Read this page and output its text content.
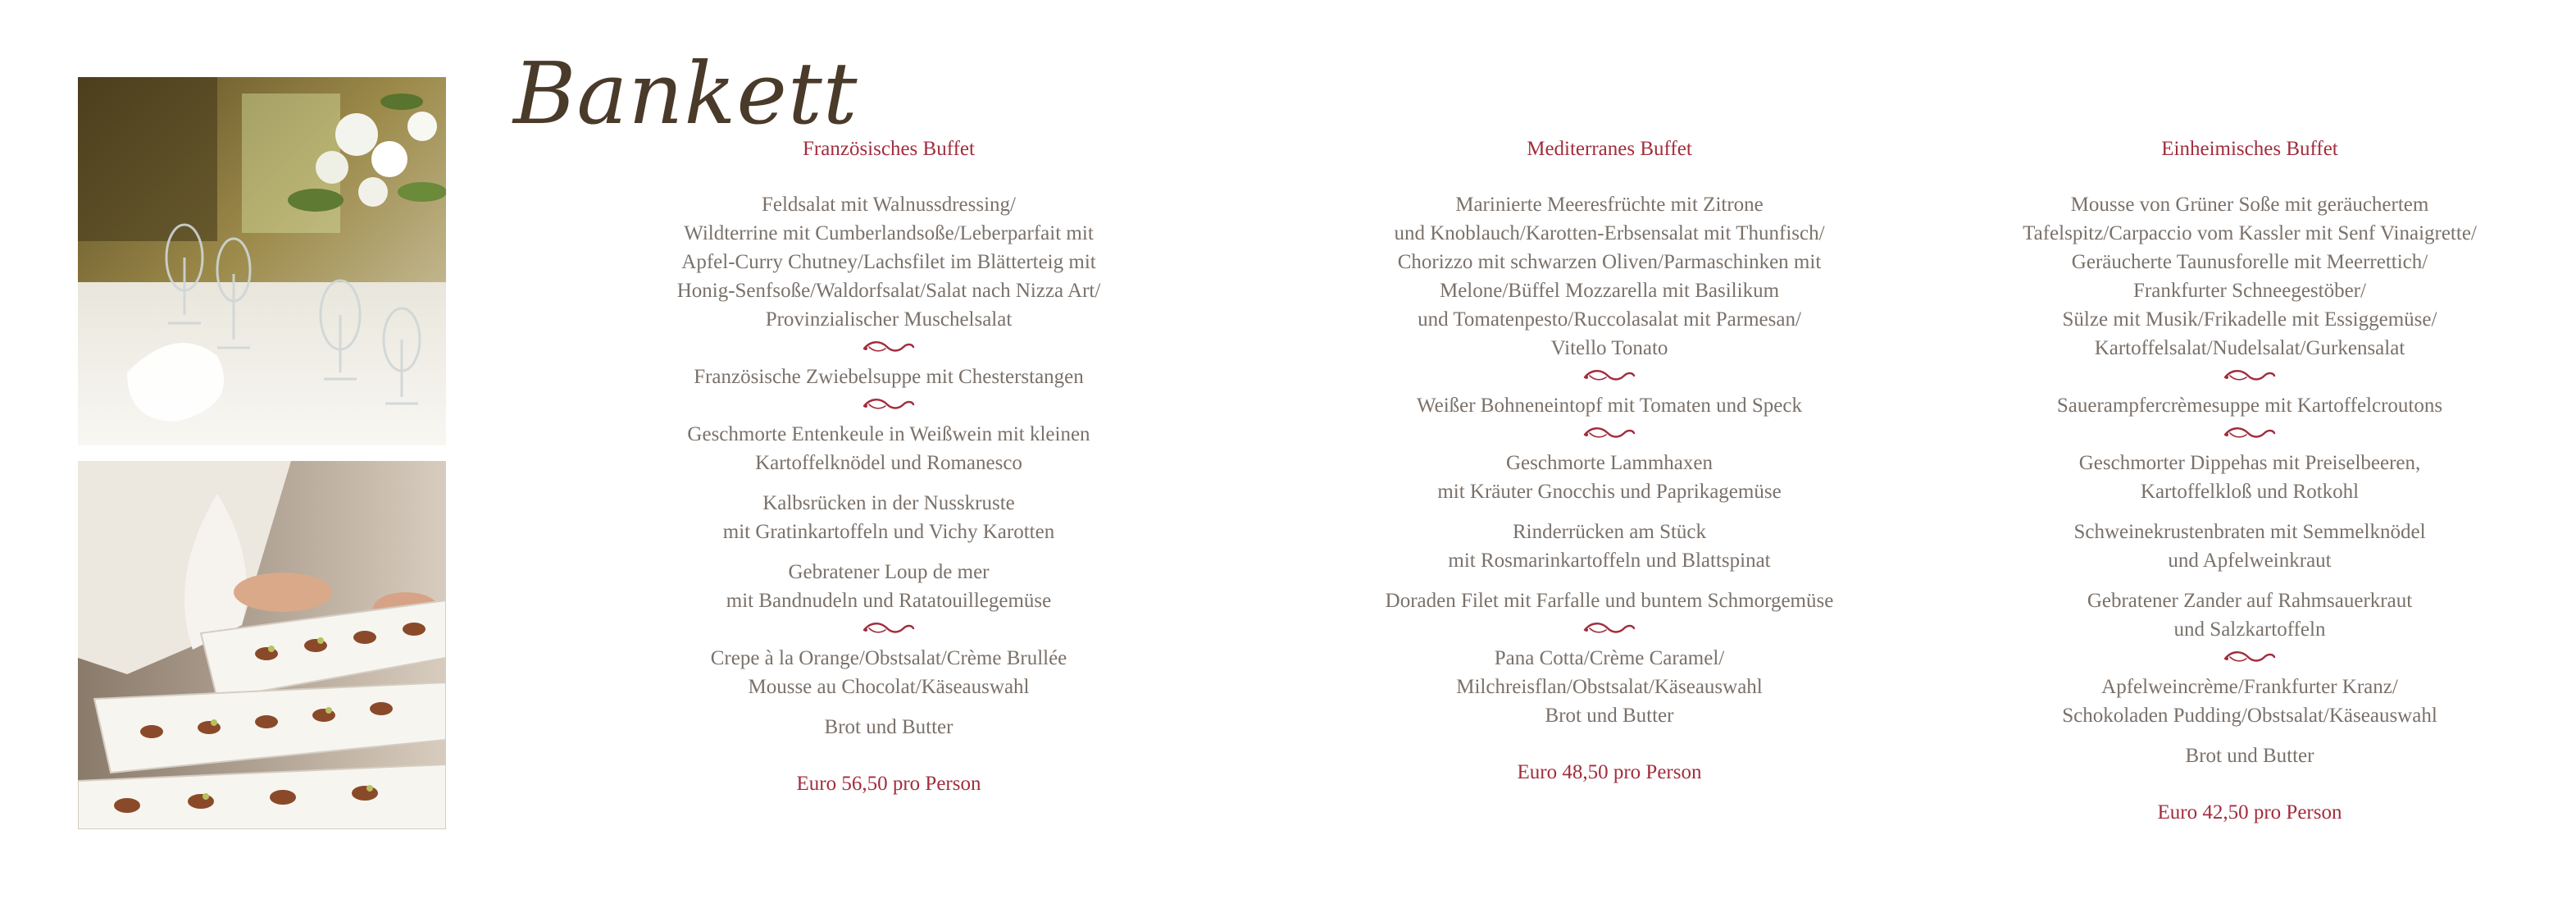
Bankett
Französisches Buffet

Feldsalat mit Walnussdressing/
Wildterrine mit Cumberlandsoße/Leberparfait mit
Apfel-Curry Chutney/Lachsfilet im Blätterteig mit
Honig-Senfsoße/Waldorfsalat/Salat nach Nizza Art/
Provinzialischer Muschelsalat

Französische Zwiebelsuppe mit Chesterstangen

Geschmorte Entenkeule in Weißwein mit kleinen
Kartoffelknödel und Romanesco

Kalbsrücken in der Nusskruste
mit Gratinkartoffeln und Vichy Karotten

Gebratener Loup de mer
mit Bandnudeln und Ratatouillegemüse

Crepe à la Orange/Obstsalat/Crème Brullée
Mousse au Chocolat/Käseauswahl

Brot und Butter

Euro 56,50 pro Person
Mediterranes Buffet

Marinierte Meeresfrüchte mit Zitrone
und Knoblauch/Karotten-Erbsensalat mit Thunfisch/
Chorizzo mit schwarzen Oliven/Parmaschinken mit
Melone/Büffel Mozzarella mit Basilikum
und Tomatenpesto/Ruccolasalat mit Parmesan/
Vitello Tonato

Weißer Bohneneintopf mit Tomaten und Speck

Geschmorte Lammhaxen
mit Kräuter Gnocchis und Paprikagemüse

Rinderrücken am Stück
mit Rosmarinkartoffeln und Blattspinat

Doraden Filet mit Farfalle und buntem Schmorgemüse

Pana Cotta/Crème Caramel/
Milchreisflan/Obstsalat/Käseauswahl
Brot und Butter

Euro 48,50 pro Person
Einheimisches Buffet

Mousse von Grüner Soße mit geräuchertem
Tafelspitz/Carpaccio vom Kassler mit Senf Vinaigrette/
Geräucherte Taunusforelle mit Meerrettich/
Frankfurter Schneegestöber/
Sülze mit Musik/Frikadelle mit Essiggemüse/
Kartoffelsalat/Nudelsalat/Gurkensalat

Sauerampfercrèmesuppe mit Kartoffelcroutons

Geschmorter Dippehas mit Preiselbeeren,
Kartoffelkloß und Rotkohl

Schweinekrustenbraten mit Semmelknödel
und Apfelweinkraut

Gebratener Zander auf Rahmsauerkraut
und Salzkartoffeln

Apfelweincrème/Frankfurter Kranz/
Schokoladen Pudding/Obstsalat/Käseauswahl

Brot und Butter

Euro 42,50 pro Person
